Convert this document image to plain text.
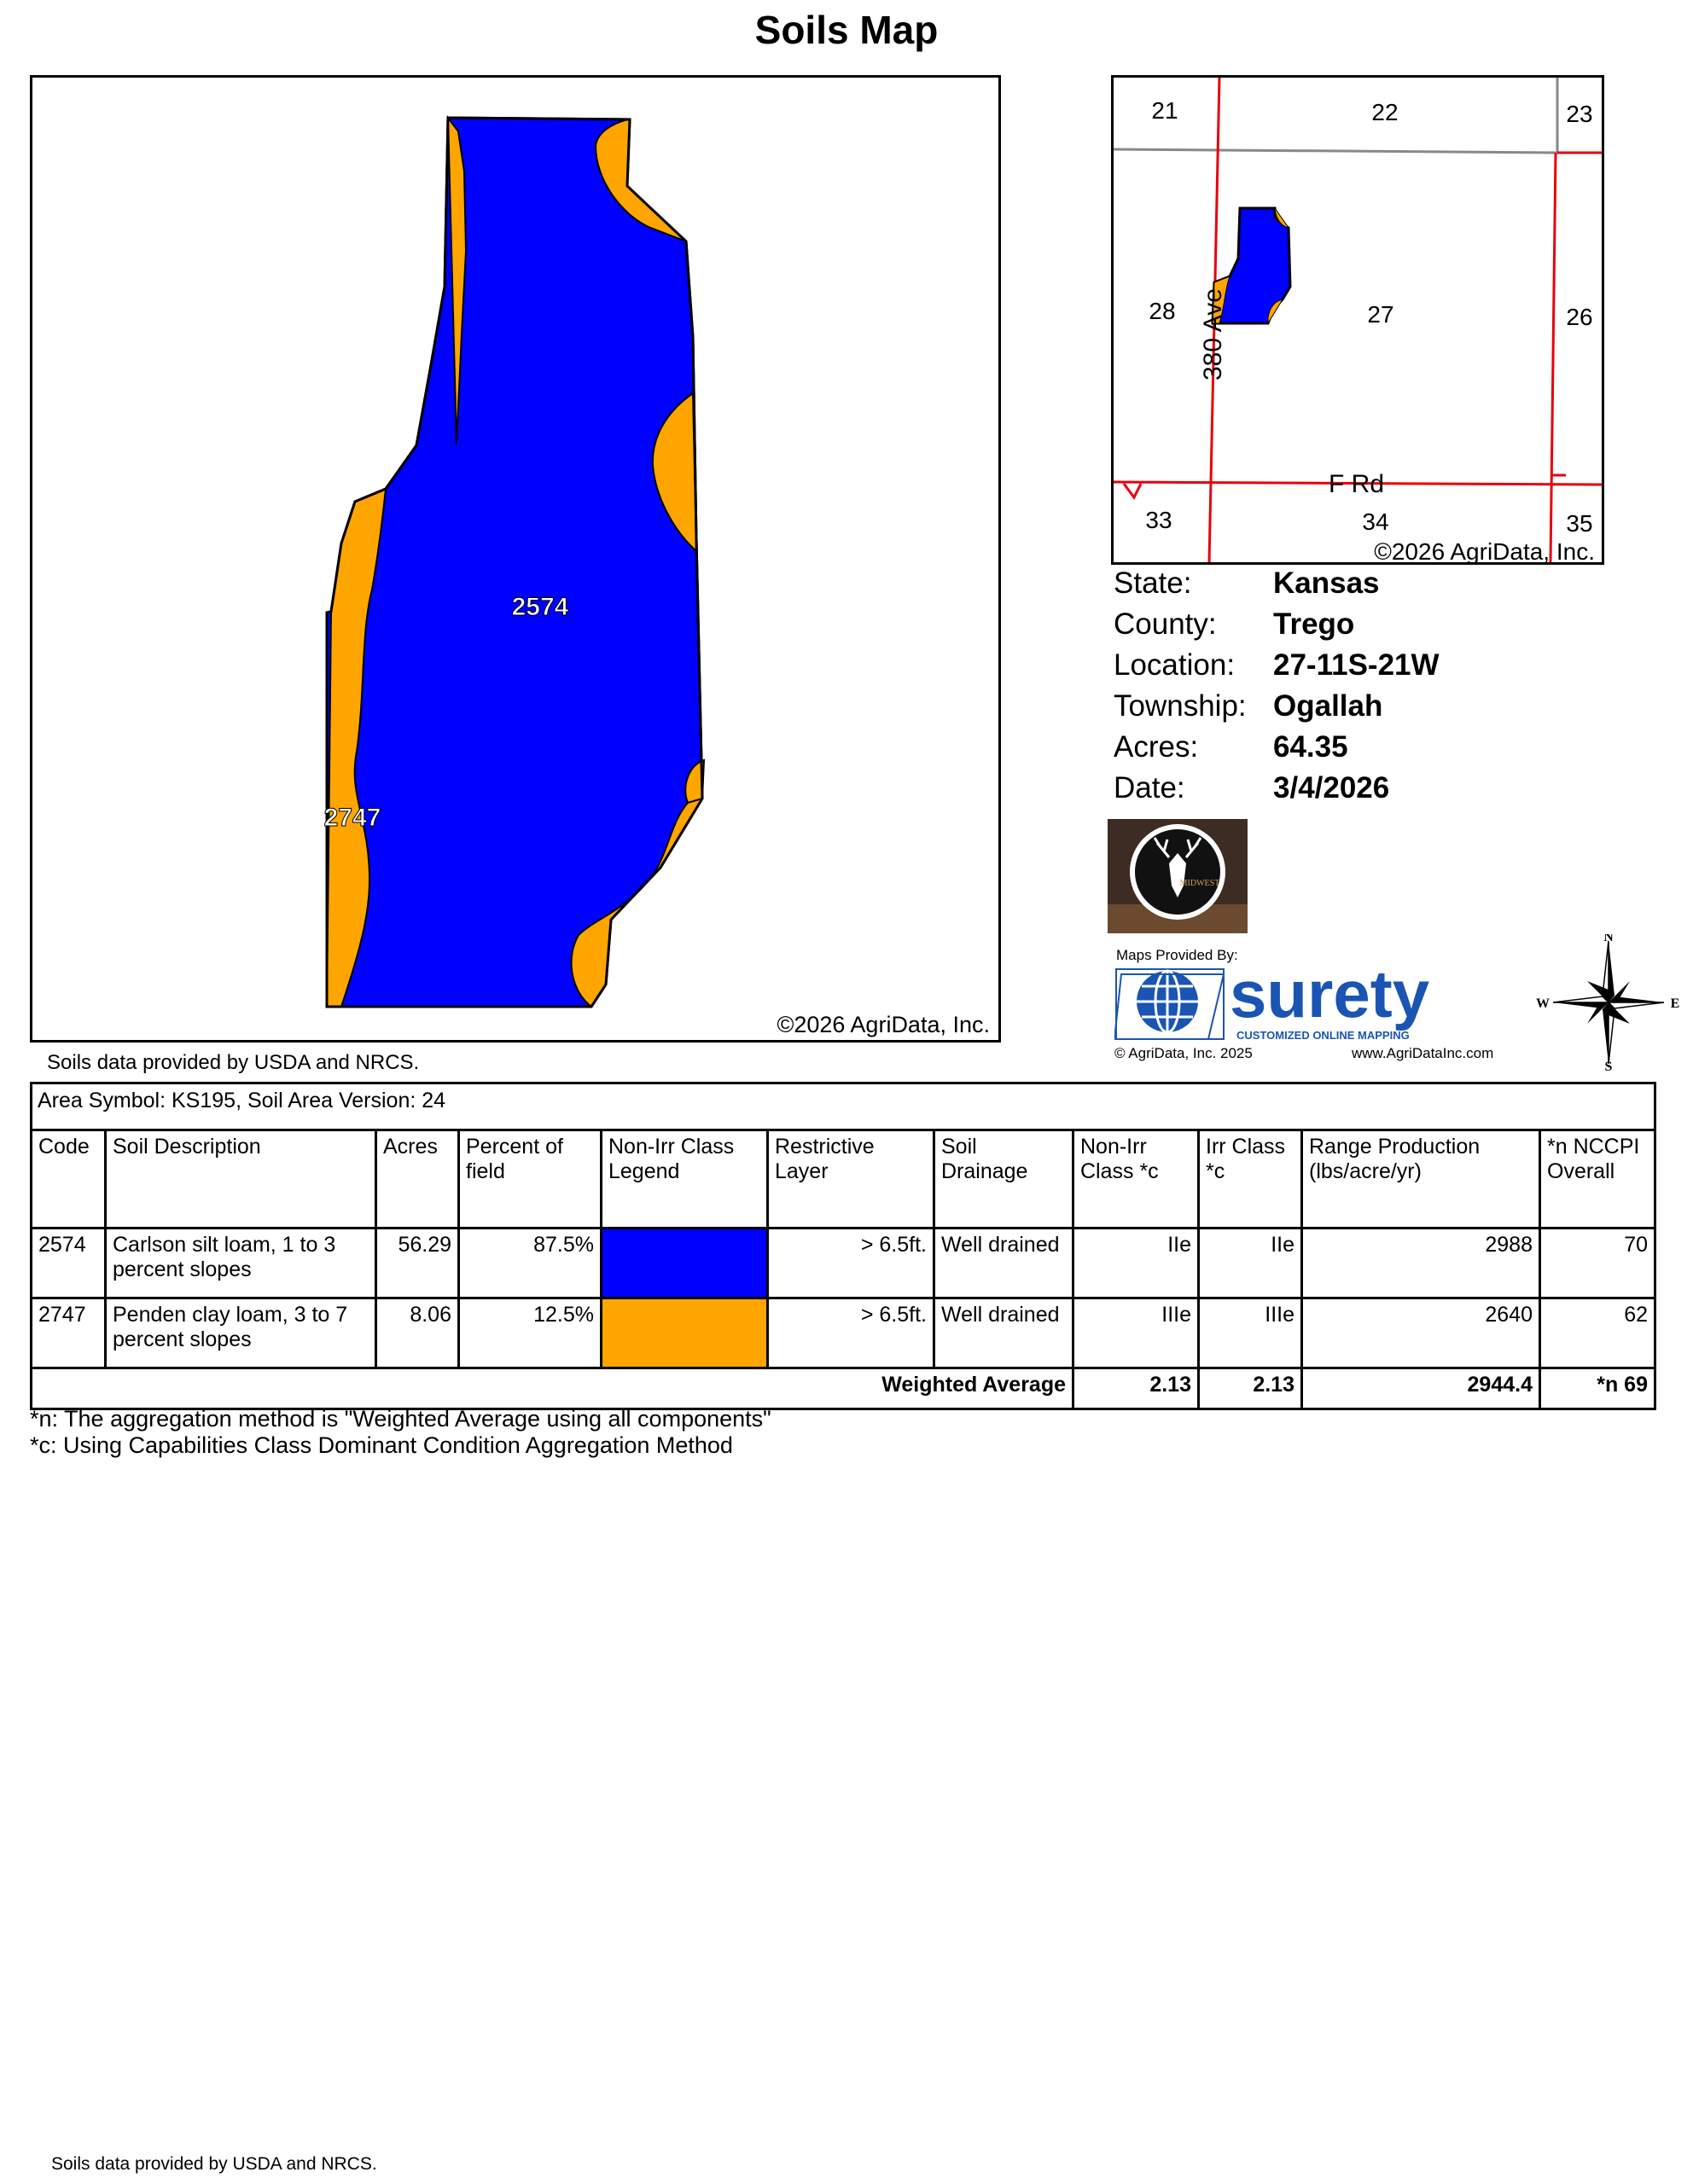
Soils Map
2574
2747
©2026 AgriData, Inc.
21	22	23
28	27	26
33	34	35
380 Ave
F Rd
©2026 AgriData, Inc.
State:	Kansas
County:	Trego
Location:	27-11S-21W
Township: Ogallah
Acres:	64.35
Date:	3/4/2026
MIDWEST
Maps Provided By:
surety
CUSTOMIZED ONLINE MAPPING
© AgriData, Inc. 2025	www.AgriDataInc.com
N
S
W	E
Soils data provided by USDA and NRCS.
Area Symbol: KS195, Soil Area Version: 24										
Code	Soil Description	Acres	Percent of field	Non-Irr Class Legend	Restrictive Layer	Soil Drainage	Non-Irr Class *c	Irr Class *c	Range Production (lbs/acre/yr)	*n NCCPI Overall
2574	Carlson silt loam, 1 to 3 percent slopes	56.29	87.5%		> 6.5ft.	Well drained	IIe	IIe	2988	70
2747	Penden clay loam, 3 to 7 percent slopes	8.06	12.5%		> 6.5ft.	Well drained	IIIe	IIIe	2640	62
Weighted Average							2.13	2.13	2944.4	*n 69
*n: The aggregation method is "Weighted Average using all components"
*c: Using Capabilities Class Dominant Condition Aggregation Method
Soils data provided by USDA and NRCS.
